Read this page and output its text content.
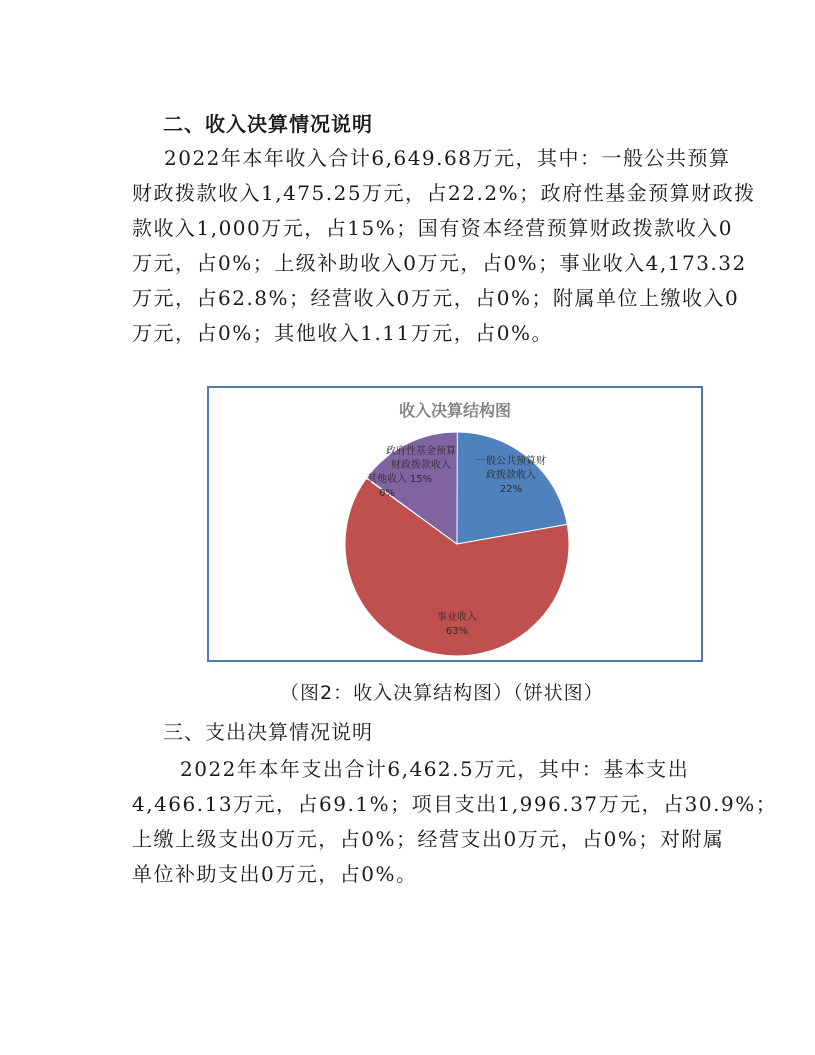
二、收入决算情况说明

2022年本年收入合计6,649.68万元，其中：一般公共预算

财政拨款收入1,475.25万元，占22.2%；政府性基金预算财政拨

款收入1,000万元，占15%；国有资本经营预算财政拨款收入0

万元，占0%；上级补助收入0万元，占0%；事业收入4,173.32

万元，占62.8%；经营收入0万元，占0%；附属单位上缴收入0

万元，占0%；其他收入1.11万元，占0%。

收入决算结构图
一般公共预算财
政拨款收入
22%
事业收入
63%
其他收入
0%
政府性基金预算
财政拨款收入
15%
（图2：收入决算结构图）（饼状图）
三、支出决算情况说明

2022年本年支出合计6,462.5万元，其中：基本支出

4,466.13万元，占69.1%；项目支出1,996.37万元，占30.9%；

上缴上级支出0万元，占0%；经营支出0万元，占0%；对附属

单位补助支出0万元，占0%。
